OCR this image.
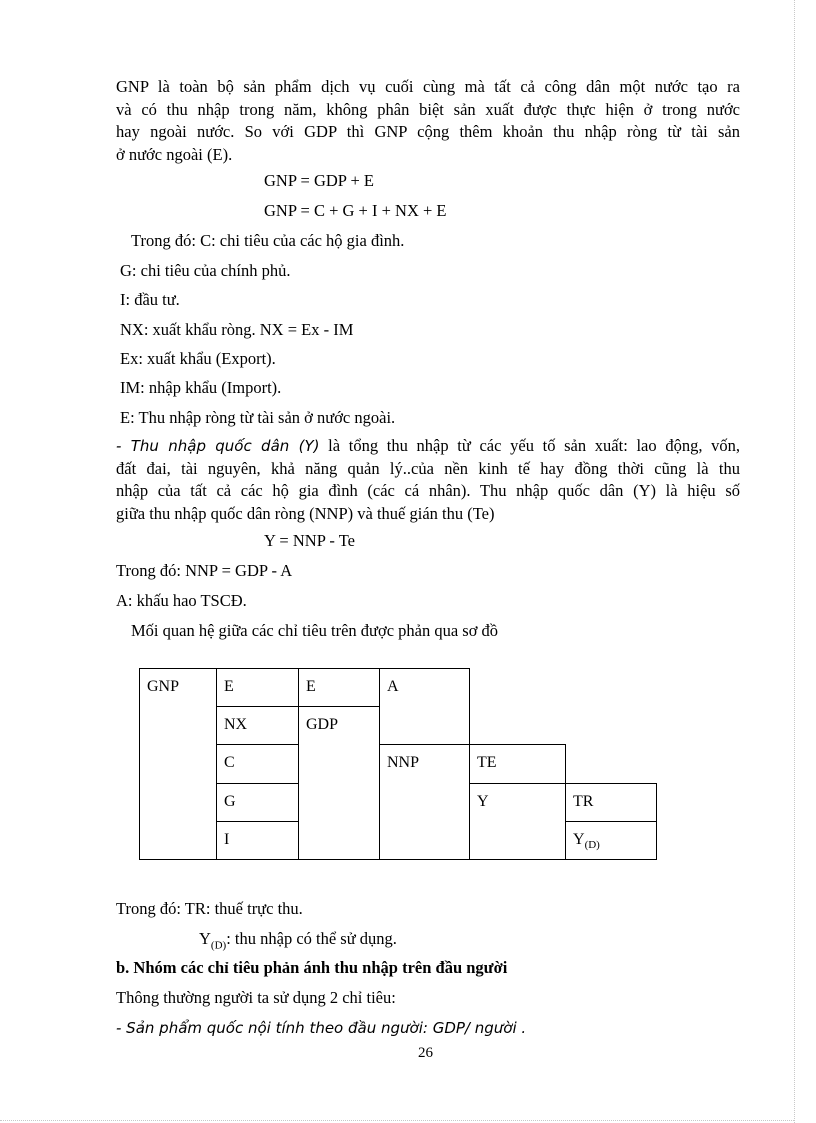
GNP là toàn bộ sản phẩm dịch vụ cuối cùng mà tất cả công dân một nước tạo ra
và có thu nhập trong năm, không phân biệt sản xuất được thực hiện ở trong nước
hay ngoài nước. So với GDP thì GNP cộng thêm khoản thu nhập ròng từ tài sản
ở nước ngoài (E).
GNP = GDP + E
GNP = C + G + I + NX + E
Trong đó: C: chi tiêu của các hộ gia đình.
G: chi tiêu của chính phủ.
I: đầu tư.
NX: xuất khẩu ròng. NX = Ex - IM
Ex: xuất khẩu (Export).
IM: nhập khẩu (Import).
E: Thu nhập ròng từ tài sản ở nước ngoài.
- Thu nhập quốc dân (Y) là tổng thu nhập từ các yếu tố sản xuất: lao động, vốn,
đất đai, tài nguyên, khả năng quản lý..của nền kinh tế hay đồng thời cũng là thu
nhập của tất cả các hộ gia đình (các cá nhân). Thu nhập quốc dân (Y) là hiệu số
giữa thu nhập quốc dân ròng (NNP) và thuế gián thu (Te)
Y = NNP - Te
Trong đó: NNP = GDP - A
A: khấu hao TSCĐ.
Mối quan hệ giữa các chỉ tiêu trên được phản qua sơ đồ
GNP	E	E	A		
	NX	GDP			
	C		NNP	TE	
	G			Y	TR
	I				$Y_{(D)}$
Trong đó: TR: thuế trực thu.
$Y_{(D)}$: thu nhập có thể sử dụng.
b. Nhóm các chỉ tiêu phản ánh thu nhập trên đầu người
Thông thường người ta sử dụng 2 chỉ tiêu:
- Sản phẩm quốc nội tính theo đầu người: GDP/ người .
26
